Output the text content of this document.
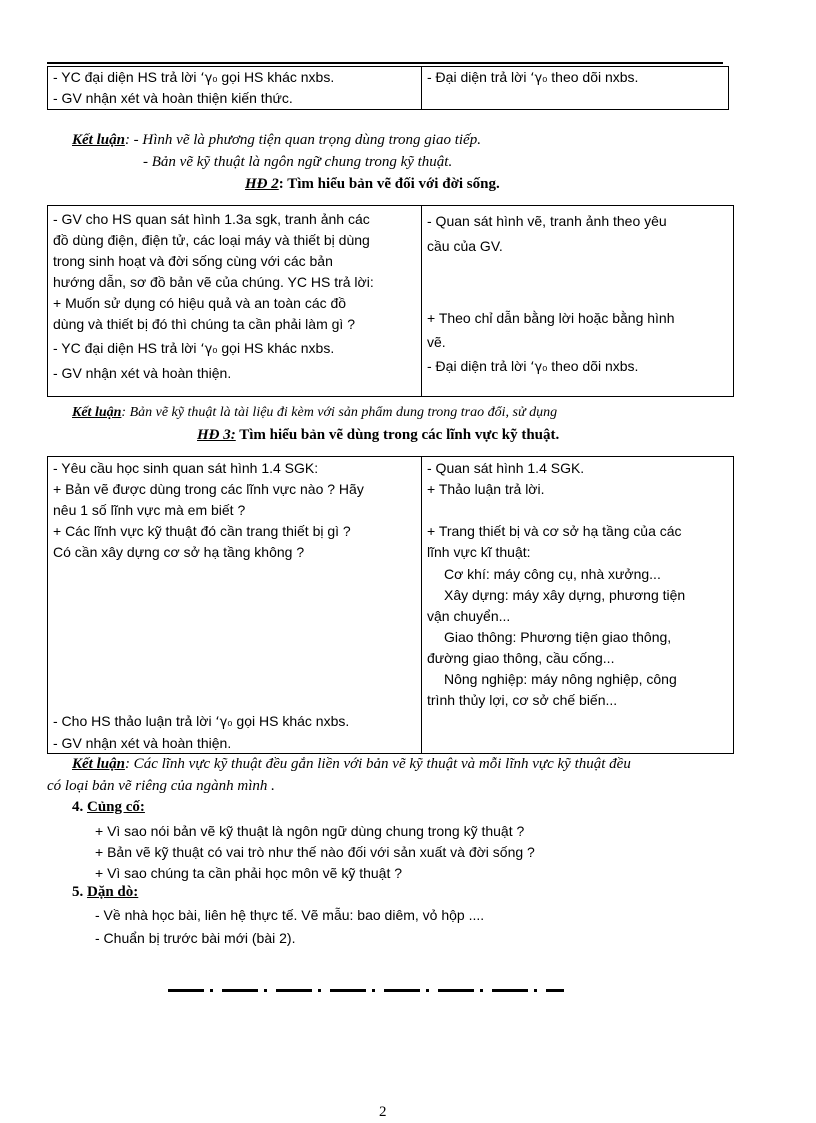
- YC đại diện HS trả lời ʻγ₀ gọi HS khác nxbs.
- GV nhận xét và hoàn thiện kiến thức.
- Đại diện trả lời ʻγ₀ theo dõi nxbs.
Kết luận: - Hình vẽ là phương tiện quan trọng dùng trong giao tiếp.
- Bản vẽ kỹ thuật là ngôn ngữ chung trong kỹ thuật.
HĐ 2: Tìm hiểu bản vẽ đối với đời sống.
- GV cho HS quan sát hình 1.3a sgk, tranh ảnh các
đồ dùng điện, điện tử, các loại máy và thiết bị dùng
trong sinh hoạt và đời sống cùng với các bản
hướng dẫn, sơ đồ bản vẽ của chúng. YC HS trả lời:
+ Muốn sử dụng có hiệu quả và an toàn các đồ
dùng và thiết bị đó thì chúng ta cần phải làm gì ?
- YC đại diện HS trả lời ʻγ₀ gọi HS khác nxbs.
- GV nhận xét và hoàn thiện.
- Quan sát hình vẽ, tranh ảnh theo yêu
cầu của GV.
+ Theo chỉ dẫn bằng lời hoặc bằng hình
vẽ.
- Đại diện trả lời ʻγ₀ theo dõi nxbs.
Kết luận: Bản vẽ kỹ thuật là tài liệu đi kèm với sản phẩm dung trong trao đổi, sử dụng
HĐ 3: Tìm hiểu bản vẽ dùng trong các lĩnh vực kỹ thuật.
- Yêu cầu học sinh quan sát hình 1.4 SGK:
+ Bản vẽ được dùng trong các lĩnh vực nào ? Hãy
nêu 1 số lĩnh vực mà em biết ?
+ Các lĩnh vực kỹ thuật đó cần trang thiết bị gì ?
Có cần xây dựng cơ sở hạ tầng không ?
- Cho HS thảo luận trả lời ʻγ₀ gọi HS khác nxbs.
- GV nhận xét và hoàn thiện.
- Quan sát hình 1.4 SGK.
+ Thảo luận trả lời.
+ Trang thiết bị và cơ sở hạ tầng của các
lĩnh vực kĩ thuật:
Cơ khí: máy công cụ, nhà xưởng...
Xây dựng: máy xây dựng, phương tiện
vận chuyển...
Giao thông: Phương tiện giao thông,
đường giao thông, cầu cống...
Nông nghiệp: máy nông nghiệp, công
trình thủy lợi, cơ sở chế biến...
Kết luận: Các lĩnh vực kỹ thuật đều gắn liền với bản vẽ kỹ thuật và mỗi lĩnh vực kỹ thuật đều
có loại bản vẽ riêng của ngành mình .
4. Củng cố:
+ Vì sao nói bản vẽ kỹ thuật là ngôn ngữ dùng chung trong kỹ thuật ?
+ Bản vẽ kỹ thuật có vai trò như thế nào đối với sản xuất và đời sống ?
+ Vì sao chúng ta cần phải học môn vẽ kỹ thuật ?
5. Dặn dò:
- Về nhà học bài, liên hệ thực tế. Vẽ mẫu: bao diêm, vỏ hộp ....
- Chuẩn bị trước bài mới (bài 2).
2
